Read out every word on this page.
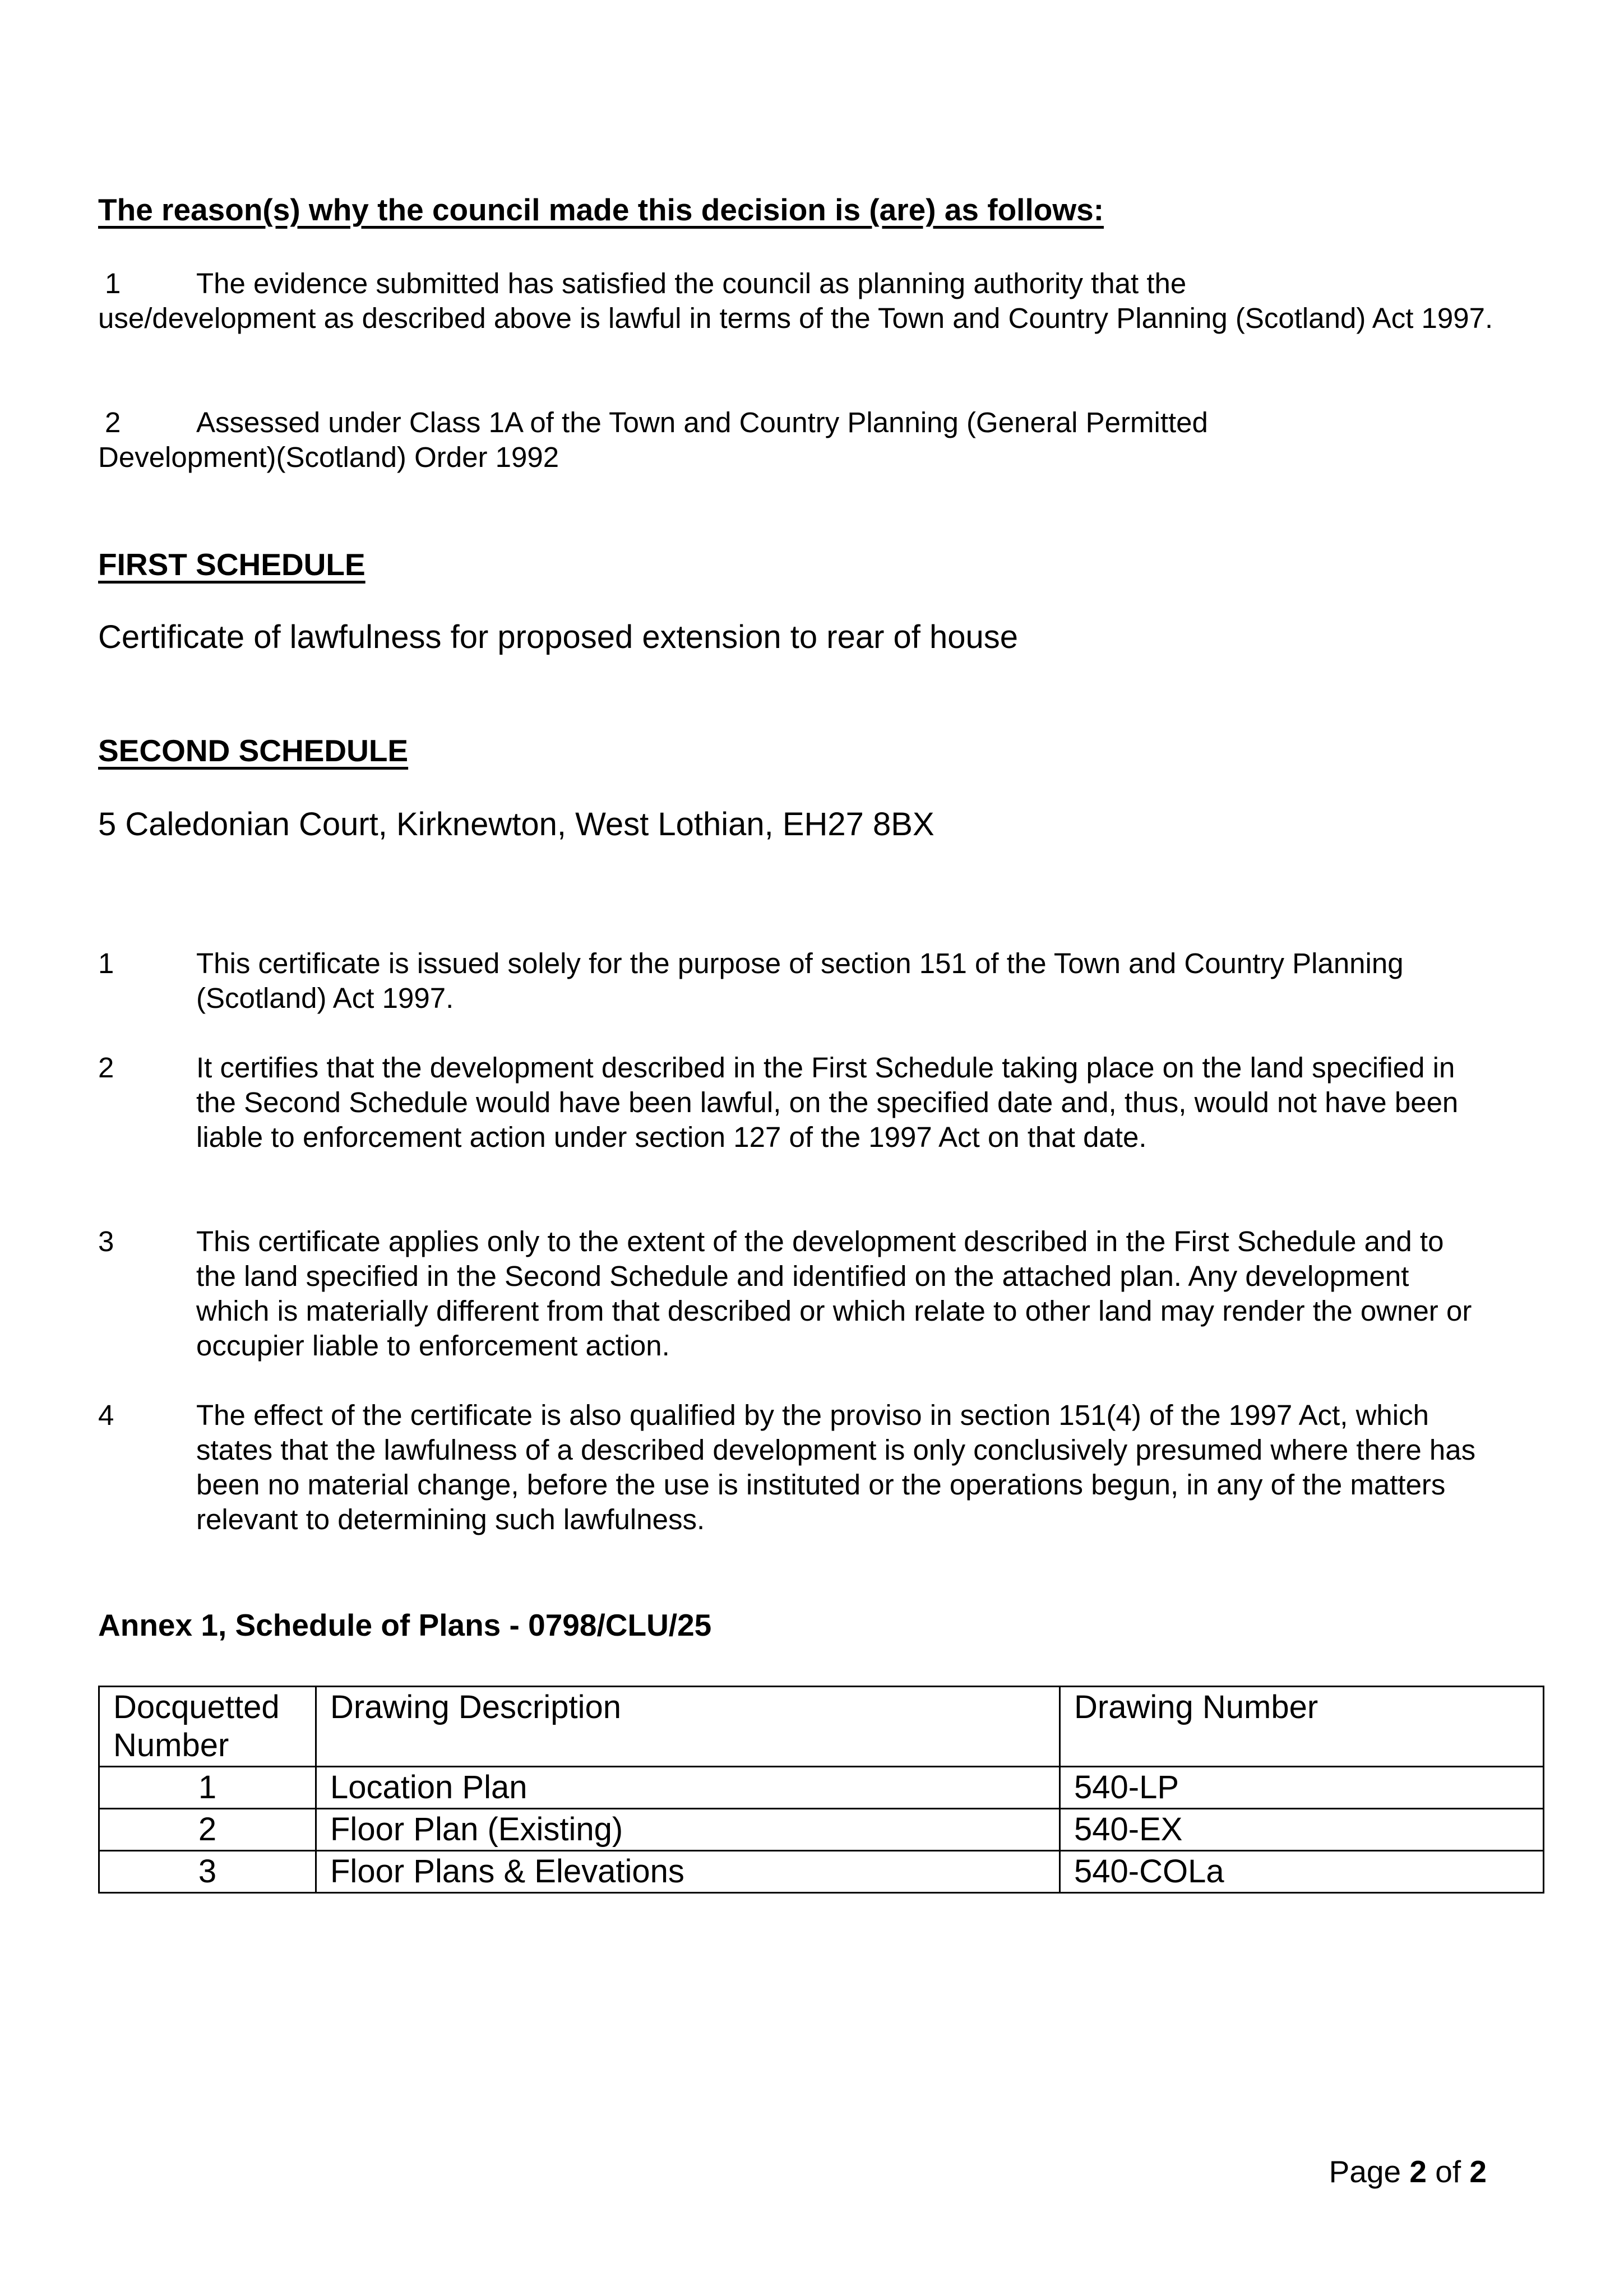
The reason(s) why the council made this decision is (are) as follows:
1	The evidence submitted has satisfied the council as planning authority that the
use/development as described above is lawful in terms of the Town and Country Planning (Scotland) Act 1997.
2	Assessed under Class 1A of the Town and Country Planning (General Permitted
Development)(Scotland) Order 1992
FIRST SCHEDULE
Certificate of lawfulness for proposed extension to rear of house
SECOND SCHEDULE
5 Caledonian Court, Kirknewton, West Lothian, EH27 8BX
1	This certificate is issued solely for the purpose of section 151 of the Town and Country Planning (Scotland) Act 1997.
2	It certifies that the development described in the First Schedule taking place on the land specified in the Second Schedule would have been lawful, on the specified date and, thus, would not have been liable to enforcement action under section 127 of the 1997 Act on that date.
3	This certificate applies only to the extent of the development described in the First Schedule and to the land specified in the Second Schedule and identified on the attached plan. Any development which is materially different from that described or which relate to other land may render the owner or occupier liable to enforcement action.
4	The effect of the certificate is also qualified by the proviso in section 151(4) of the 1997 Act, which states that the lawfulness of a described development is only conclusively presumed where there has been no material change, before the use is instituted or the operations begun, in any of the matters relevant to determining such lawfulness.
Annex 1, Schedule of Plans - 0798/CLU/25
Docquetted Number	Drawing Description	Drawing Number
1	Location Plan	540-LP
2	Floor Plan (Existing)	540-EX
3	Floor Plans & Elevations	540-COLa
Page 2 of 2
